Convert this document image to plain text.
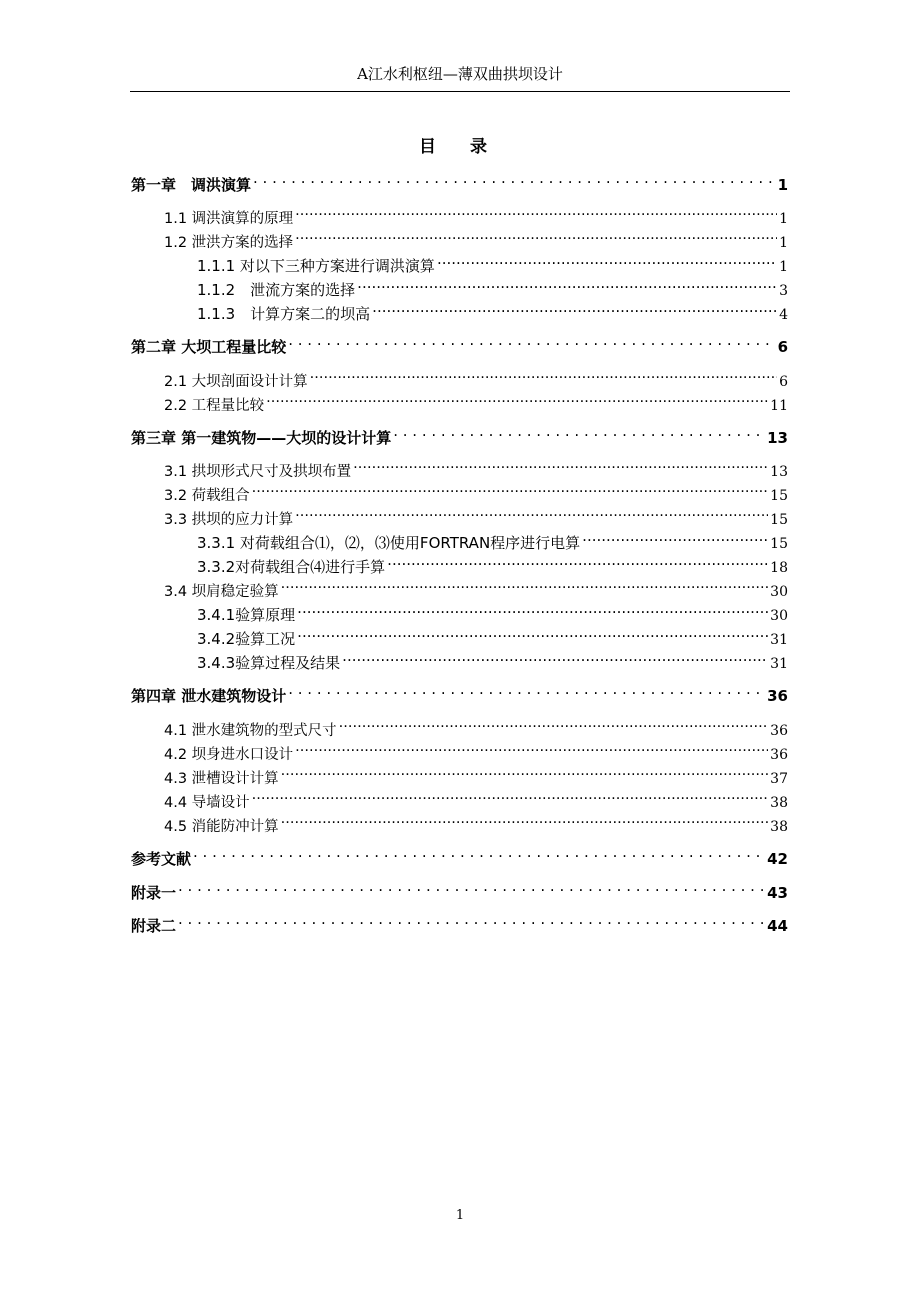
A江水利枢纽—薄双曲拱坝设计
目 录
第一章　调洪演算 . . .	1
1.1 调洪演算的原理 .....	1
1.2 泄洪方案的选择 .....	1
1.1.1 对以下三种方案进行调洪演算 .....	1
1.1.2　泄流方案的选择 .....	3
1.1.3　计算方案二的坝高 .....	4
第二章 大坝工程量比较 . . .	6
2.1 大坝剖面设计计算 .....	6
2.2 工程量比较 .....	11
第三章 第一建筑物——大坝的设计计算 . . .	13
3.1 拱坝形式尺寸及拱坝布置 .....	13
3.2 荷载组合 .....	15
3.3 拱坝的应力计算 .....	15
3.3.1 对荷载组合⑴，⑵，⑶使用FORTRAN程序进行电算 .....	15
3.3.2对荷载组合⑷进行手算 .....	18
3.4 坝肩稳定验算 .....	30
3.4.1验算原理 .....	30
3.4.2验算工况 .....	31
3.4.3验算过程及结果 .....	31
第四章 泄水建筑物设计 . . .	36
4.1 泄水建筑物的型式尺寸 .....	36
4.2 坝身进水口设计 .....	36
4.3 泄槽设计计算 .....	37
4.4 导墙设计 .....	38
4.5 消能防冲计算 .....	38
参考文献 . . .	42
附录一 . . .	43
附录二 . . .	44
1
